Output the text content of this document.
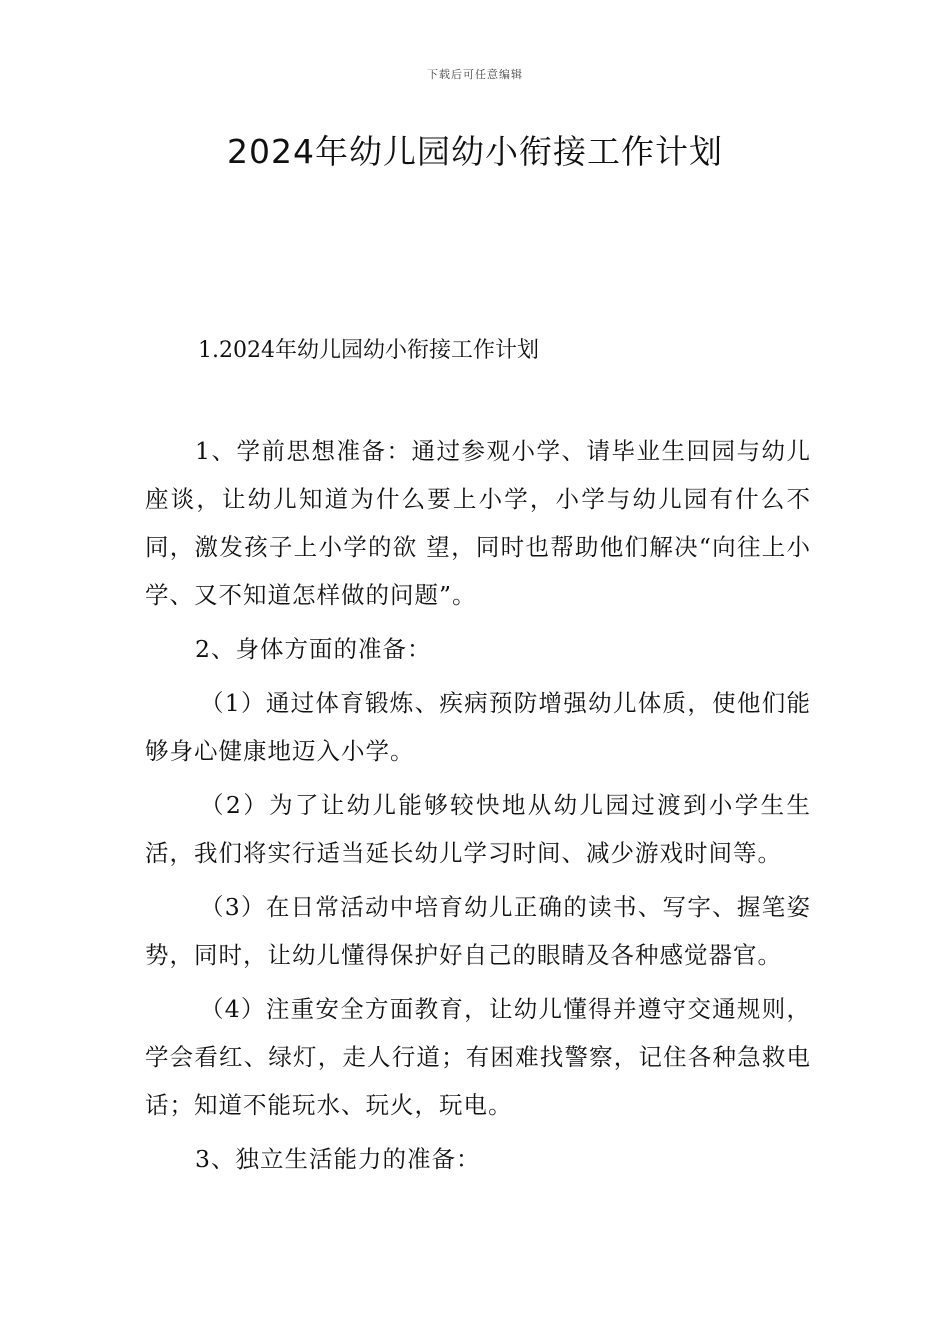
下载后可任意编辑
2024年幼儿园幼小衔接工作计划
1.2024年幼儿园幼小衔接工作计划

1、学前思想准备：通过参观小学、请毕业生回园与幼儿座谈，让幼儿知道为什么要上小学，小学与幼儿园有什么不同，激发孩子上小学的欲 望，同时也帮助他们解决“向往上小学、又不知道怎样做的问题”。

2、身体方面的准备：

（1）通过体育锻炼、疾病预防增强幼儿体质，使他们能够身心健康地迈入小学。

（2）为了让幼儿能够较快地从幼儿园过渡到小学生生活，我们将实行适当延长幼儿学习时间、减少游戏时间等。

（3）在日常活动中培育幼儿正确的读书、写字、握笔姿势，同时，让幼儿懂得保护好自己的眼睛及各种感觉器官。

（4）注重安全方面教育，让幼儿懂得并遵守交通规则，学会看红、绿灯，走人行道；有困难找警察，记住各种急救电话；知道不能玩水、玩火，玩电。

3、独立生活能力的准备：
